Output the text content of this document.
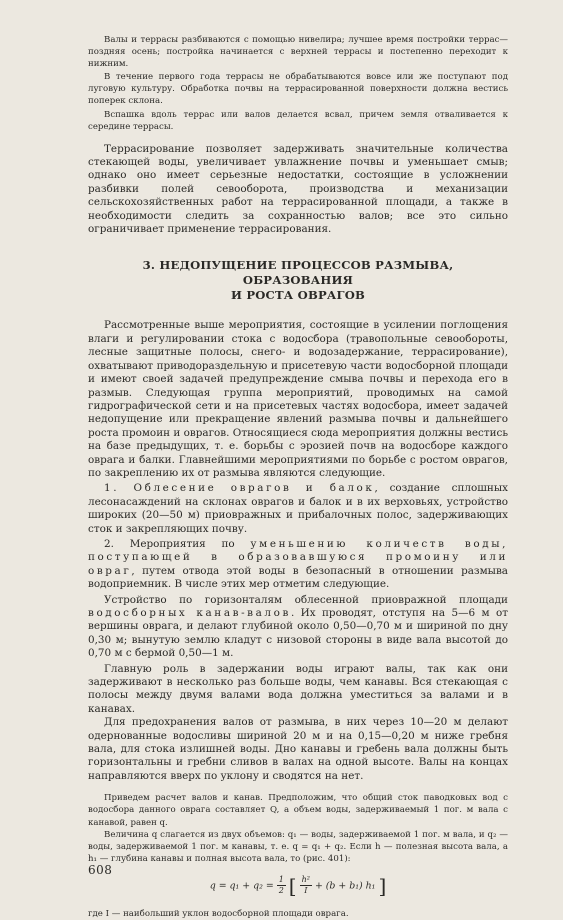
Валы и террасы разбиваются с помощью нивелира; лучшее время постройки террас—поздняя осень; постройка начинается с верхней террасы и постепенно переходит к нижним.

В течение первого года террасы не обрабатываются вовсе или же поступают под луговую культуру. Обработка почвы на террасированной поверхности должна вестись поперек склона.

Вспашка вдоль террас или валов делается всвал, причем земля отваливается к середине террасы.

Террасирование позволяет задерживать значительные количества стекающей воды, увеличивает увлажнение почвы и уменьшает смыв; однако оно имеет серьезные недостатки, состоящие в усложнении разбивки полей севооборота, производства и механизации сельскохозяйственных работ на террасированной площади, а также в необходимости следить за сохранностью валов; все это сильно ограничивает применение террасирования.

3. НЕДОПУЩЕНИЕ ПРОЦЕССОВ РАЗМЫВА, ОБРАЗОВАНИЯ
И РОСТА ОВРАГОВ

Рассмотренные выше мероприятия, состоящие в усилении поглощения влаги и регулировании стока с водосбора (травопольные севообороты, лесные защитные полосы, снего- и водозадержание, террасирование), охватывают приводораздельную и присетевую части водосборной площади и имеют своей задачей предупреждение смыва почвы и перехода его в размыв. Следующая группа мероприятий, проводимых на самой гидрографической сети и на присетевых частях водосбора, имеет задачей недопущение или прекращение явлений размыва почвы и дальнейшего роста промоин и оврагов. Относящиеся сюда мероприятия должны вестись на базе предыдущих, т. е. борьбы с эрозией почв на водосборе каждого оврага и балки. Главнейшими мероприятиями по борьбе с ростом оврагов, по закреплению их от размыва являются следующие.

1. Облесение оврагов и балок, создание сплошных лесонасаждений на склонах оврагов и балок и в их верховьях, устройство широких (20—50 м) приовражных и прибалочных полос, задерживающих сток и закрепляющих почву.

2. Мероприятия по уменьшению количеств воды, поступающей в образовавшуюся промоину или овраг, путем отвода этой воды в безопасный в отношении размыва водоприемник. В числе этих мер отметим следующие.

Устройство по горизонталям облесенной приовражной площади водосборных канав-валов. Их проводят, отступя на 5—6 м от вершины оврага, и делают глубиной около 0,50—0,70 м и шириной по дну 0,30 м; вынутую землю кладут с низовой стороны в виде вала высотой до 0,70 м с бермой 0,50—1 м.

Главную роль в задержании воды играют валы, так как они задерживают в несколько раз больше воды, чем канавы. Вся стекающая с полосы между двумя валами вода должна уместиться за валами и в канавах.

Для предохранения валов от размыва, в них через 10—20 м делают одернованные водосливы шириной 20 м и на 0,15—0,20 м ниже гребня вала, для стока излишней воды. Дно канавы и гребень вала должны быть горизонтальны и гребни сливов в валах на одной высоте. Валы на концах направляются вверх по уклону и сводятся на нет.

Приведем расчет валов и канав. Предположим, что общий сток паводковых вод с водосбора данного оврага составляет Q, а объем воды, задерживаемый 1 пог. м вала с канавой, равен q.

Величина q слагается из двух объемов: q₁ — воды, задерживаемой 1 пог. м вала, и q₂ — воды, задерживаемой 1 пог. м канавы, т. е. q = q₁ + q₂. Если h — полезная высота вала, а h₁ — глубина канавы и полная высота вала, то (рис. 401):

$q = q_1 + q_2 = \frac{1}{2}$ [ $\frac{\text{h²}}{I} + (b + b_1)$ h₁ ]

где I — наибольший уклон водосборной площади оврага.

608
